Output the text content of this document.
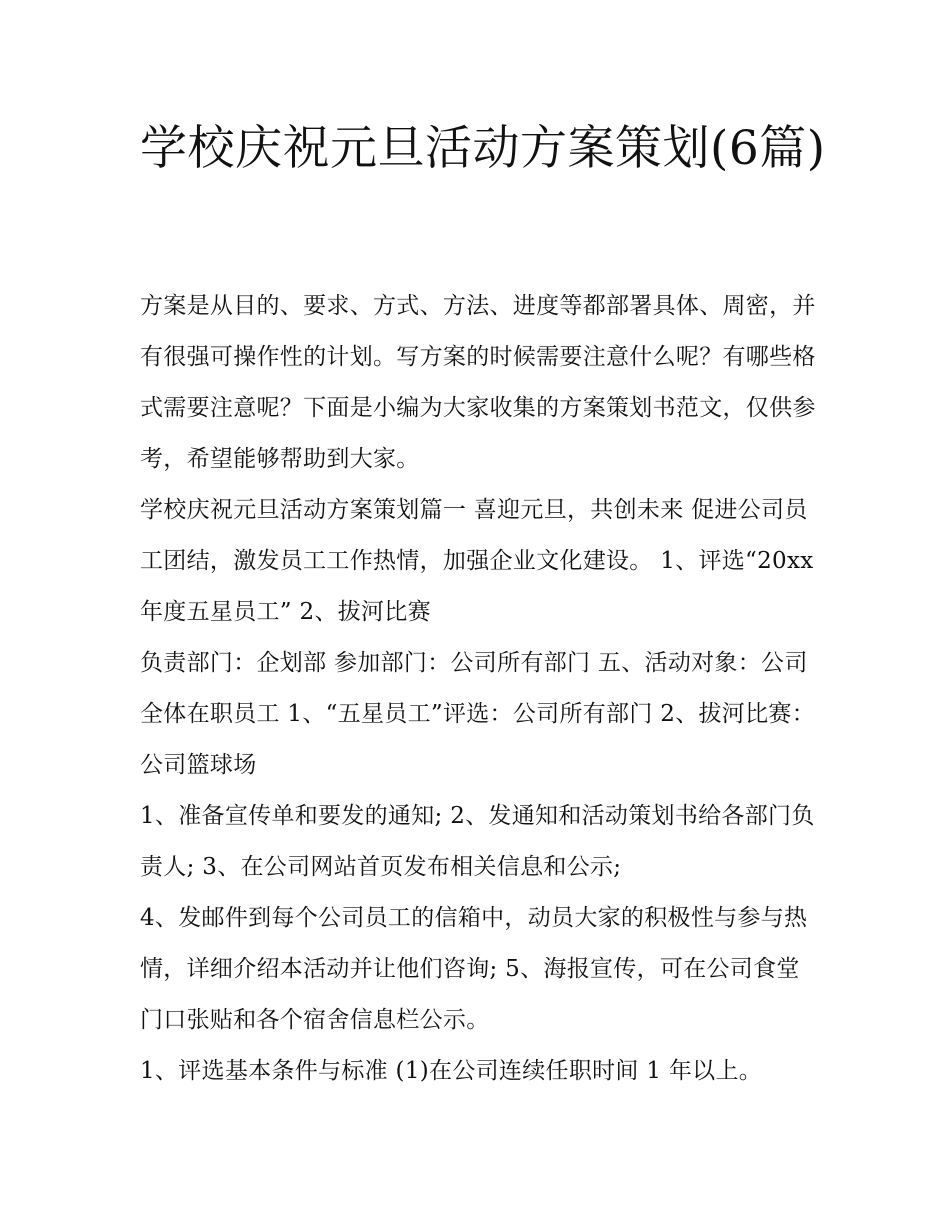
学校庆祝元旦活动方案策划(6篇)

方案是从目的、要求、方式、方法、进度等都部署具体、周密，并有很强可操作性的计划。写方案的时候需要注意什么呢？有哪些格式需要注意呢？下面是小编为大家收集的方案策划书范文，仅供参考，希望能够帮助到大家。

学校庆祝元旦活动方案策划篇一 喜迎元旦，共创未来 促进公司员工团结，激发员工工作热情，加强企业文化建设。 1、评选“20xx 年度五星员工” 2、拔河比赛

负责部门：企划部 参加部门：公司所有部门 五、活动对象：公司全体在职员工 1、“五星员工”评选：公司所有部门 2、拔河比赛：公司篮球场

1、准备宣传单和要发的通知; 2、发通知和活动策划书给各部门负责人; 3、在公司网站首页发布相关信息和公示;

4、发邮件到每个公司员工的信箱中，动员大家的积极性与参与热情，详细介绍本活动并让他们咨询; 5、海报宣传，可在公司食堂门口张贴和各个宿舍信息栏公示。

1、评选基本条件与标准 (1)在公司连续任职时间 1 年以上。
